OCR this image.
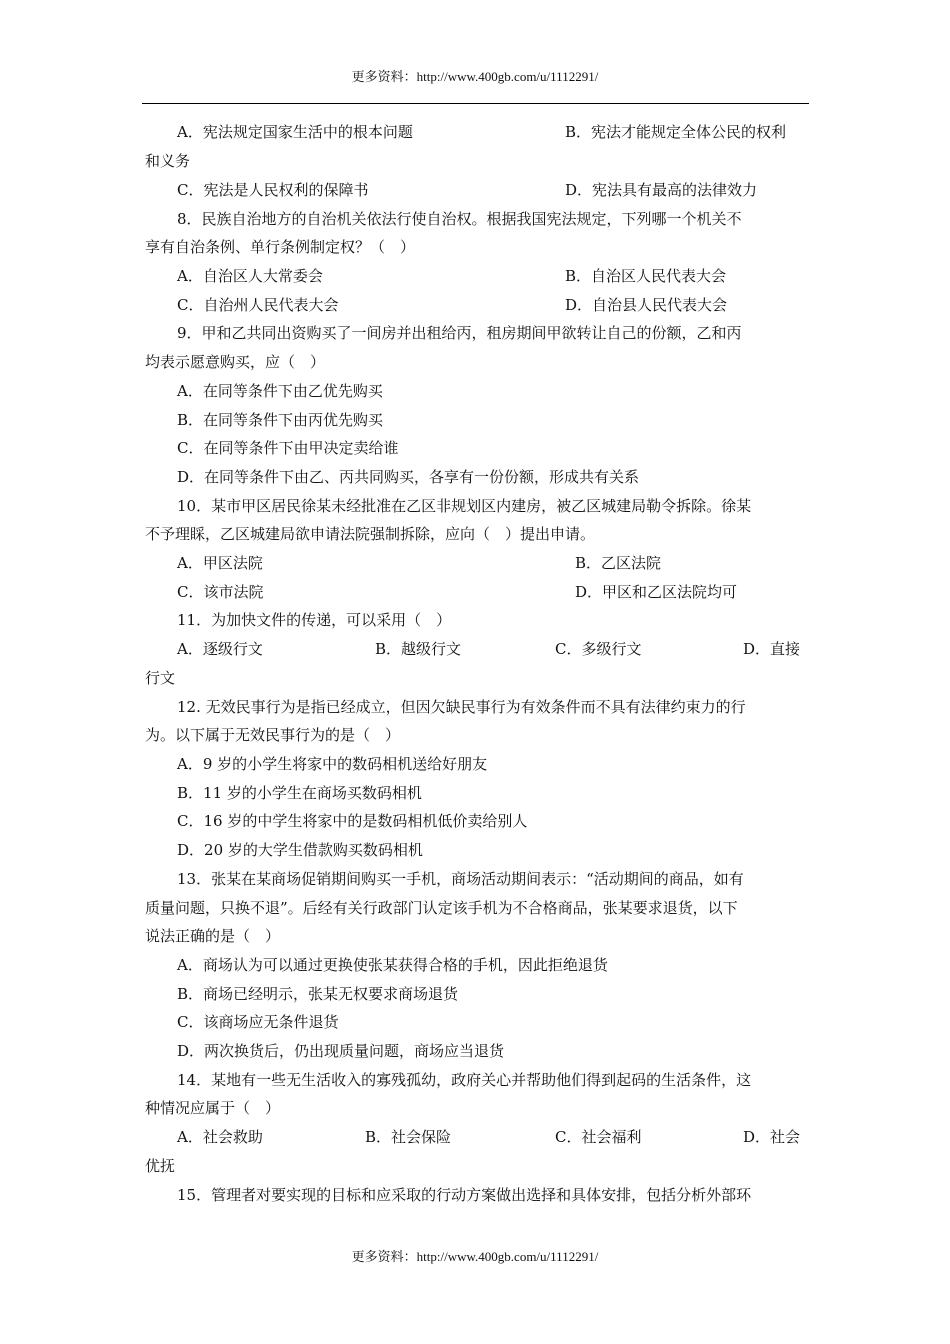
更多资料：http://www.400gb.com/u/1112291/
A．宪法规定国家生活中的根本问题	B．宪法才能规定全体公民的权利
和义务
C．宪法是人民权利的保障书	D．宪法具有最高的法律效力
8．民族自治地方的自治机关依法行使自治权。根据我国宪法规定，下列哪一个机关不
享有自治条例、单行条例制定权？（　）
A．自治区人大常委会	B．自治区人民代表大会
C．自治州人民代表大会	D．自治县人民代表大会
9．甲和乙共同出资购买了一间房并出租给丙，租房期间甲欲转让自己的份额，乙和丙
均表示愿意购买，应（　）
A．在同等条件下由乙优先购买
B．在同等条件下由丙优先购买
C．在同等条件下由甲决定卖给谁
D．在同等条件下由乙、丙共同购买，各享有一份份额，形成共有关系
10．某市甲区居民徐某未经批准在乙区非规划区内建房，被乙区城建局勒令拆除。徐某
不予理睬，乙区城建局欲申请法院强制拆除，应向（　）提出申请。
A．甲区法院	B．乙区法院
C．该市法院	D．甲区和乙区法院均可
11．为加快文件的传递，可以采用（　）
A．逐级行文	B．越级行文	C．多级行文	D．直接
行文
12. 无效民事行为是指已经成立，但因欠缺民事行为有效条件而不具有法律约束力的行
为。以下属于无效民事行为的是（　）
A．9 岁的小学生将家中的数码相机送给好朋友
B．11 岁的小学生在商场买数码相机
C．16 岁的中学生将家中的是数码相机低价卖给别人
D．20 岁的大学生借款购买数码相机
13．张某在某商场促销期间购买一手机，商场活动期间表示：“活动期间的商品，如有
质量问题，只换不退”。后经有关行政部门认定该手机为不合格商品，张某要求退货，以下
说法正确的是（　）
A．商场认为可以通过更换使张某获得合格的手机，因此拒绝退货
B．商场已经明示，张某无权要求商场退货
C．该商场应无条件退货
D．两次换货后，仍出现质量问题，商场应当退货
14．某地有一些无生活收入的寡残孤幼，政府关心并帮助他们得到起码的生活条件，这
种情况应属于（　）
A．社会救助	B．社会保险	C．社会福利	D．社会
优抚
15．管理者对要实现的目标和应采取的行动方案做出选择和具体安排，包括分析外部环
更多资料：http://www.400gb.com/u/1112291/
